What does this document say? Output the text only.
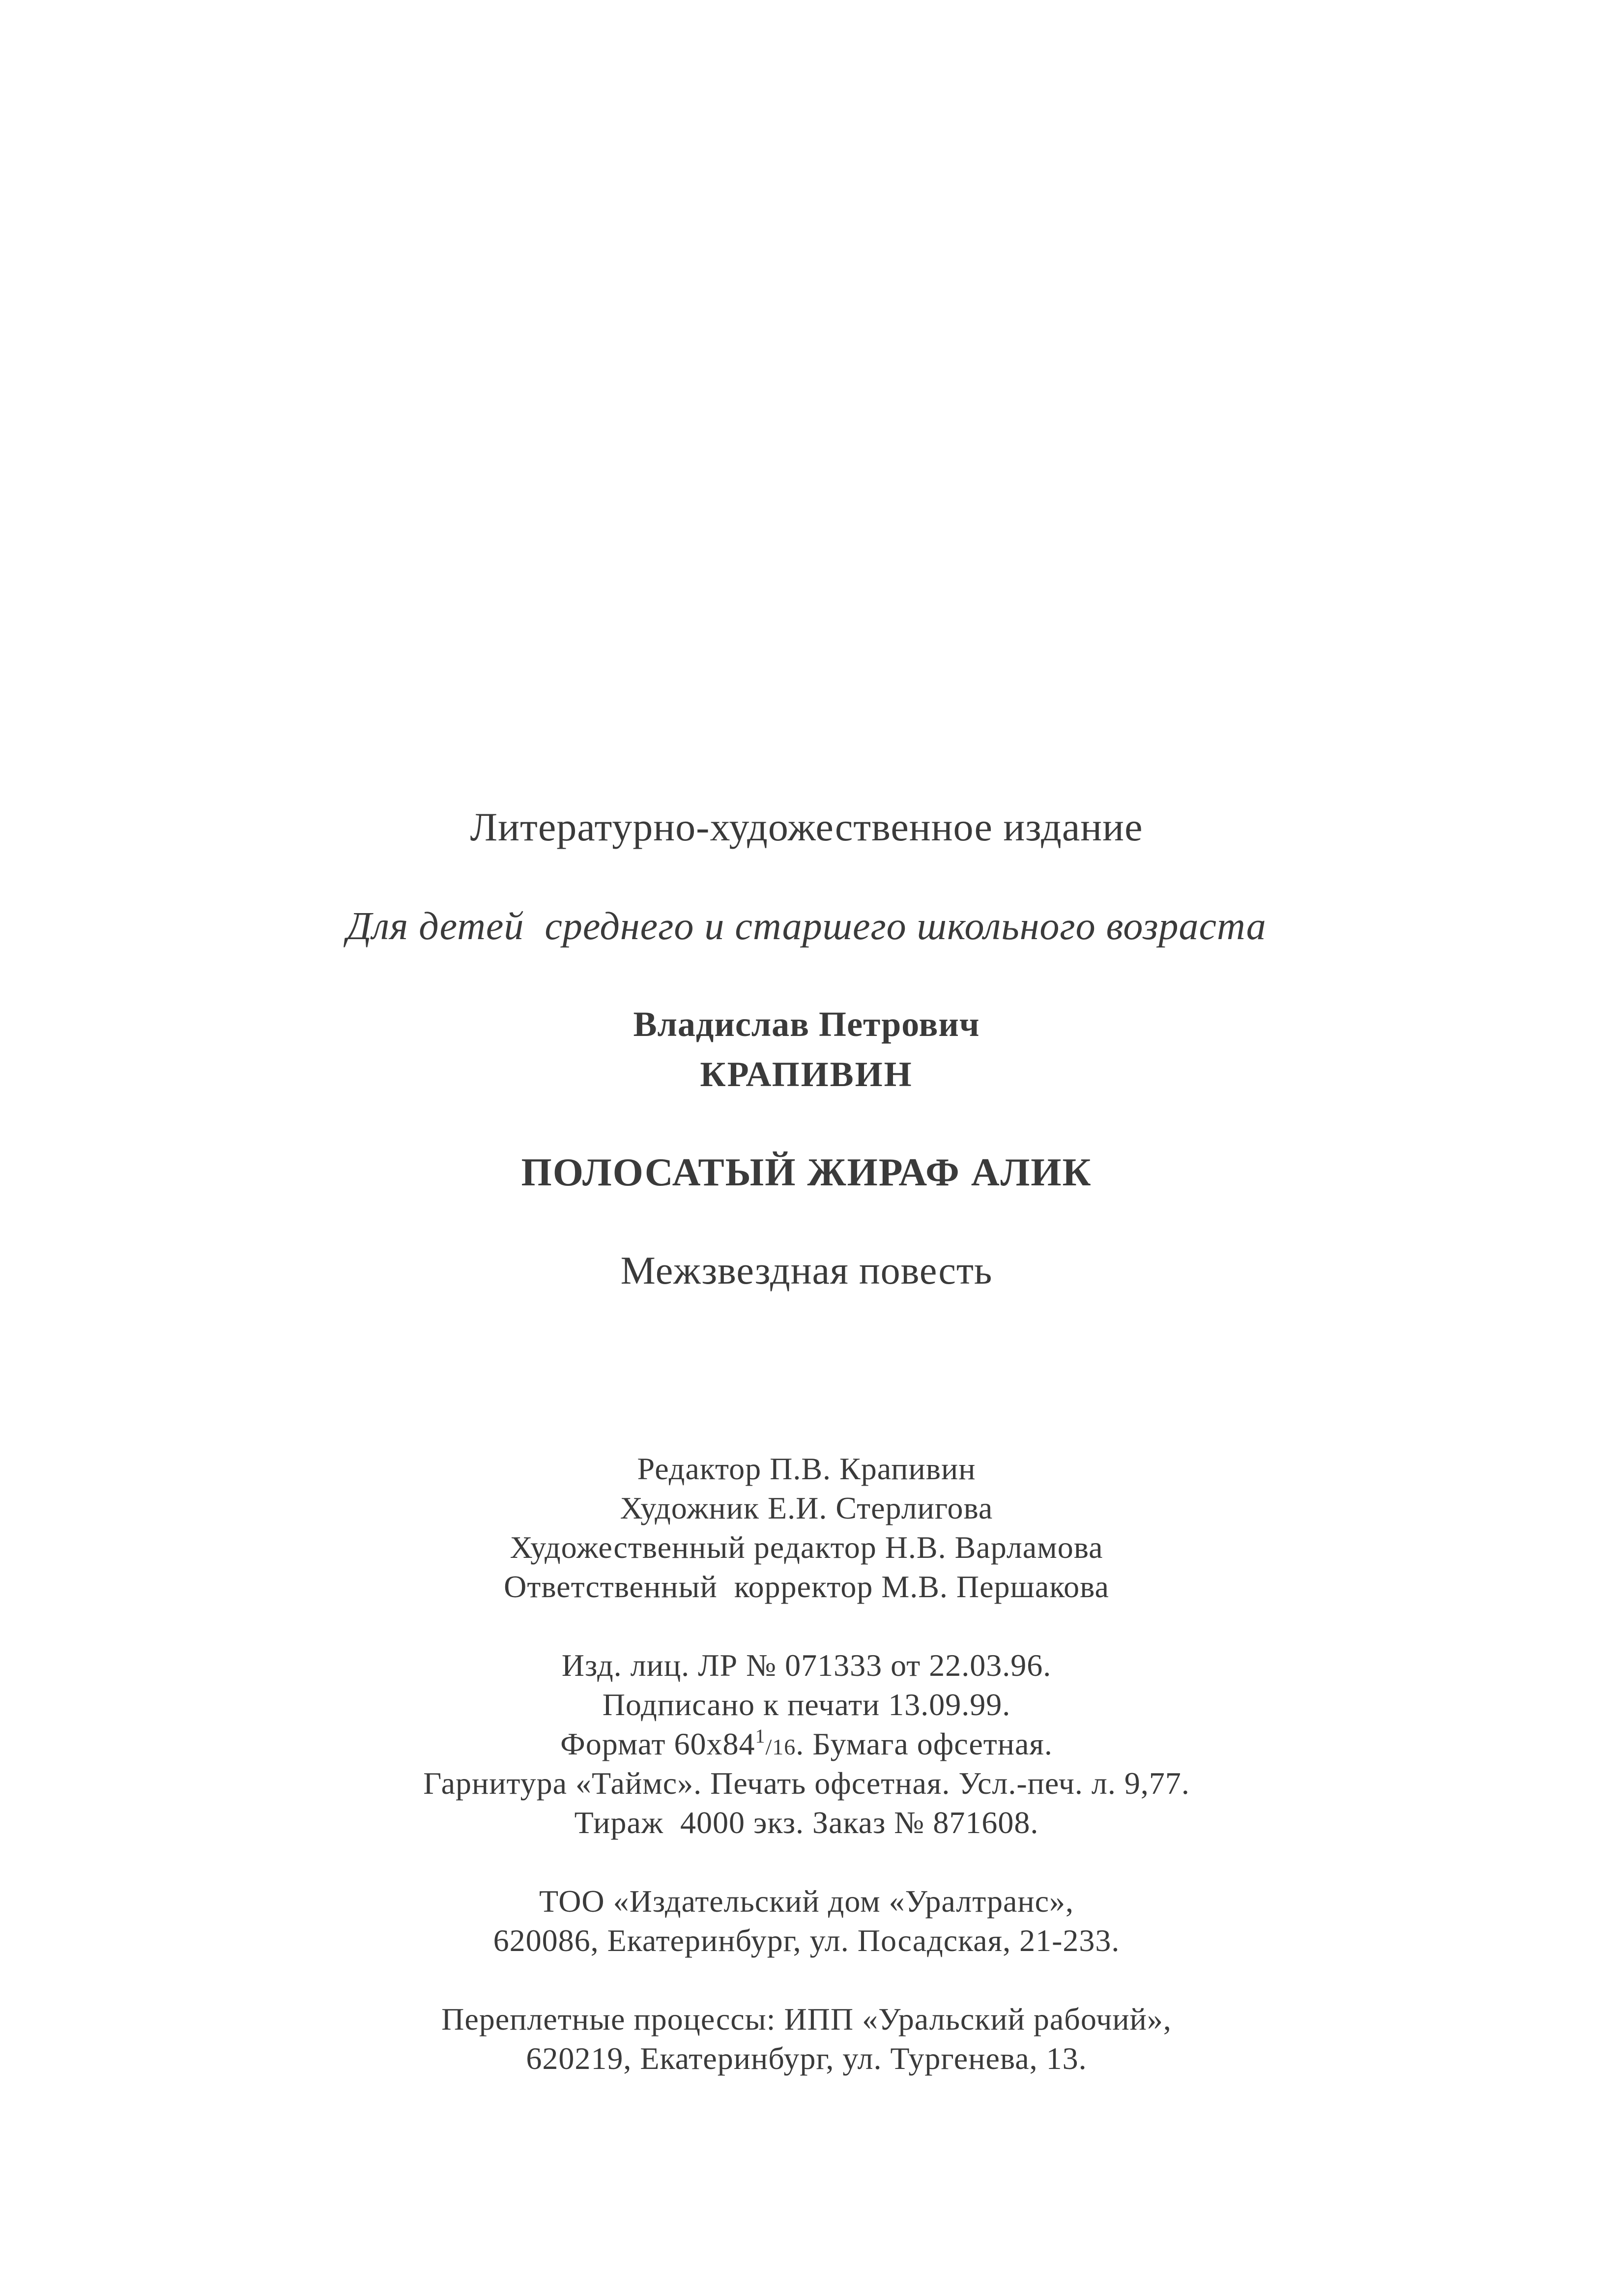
Литературно-художественное издание
Для детей  среднего и старшего школьного возраста
Владислав Петрович
КРАПИВИН
ПОЛОСАТЫЙ ЖИРАФ АЛИК
Межзвездная повесть
Редактор П.В. Крапивин
Художник Е.И. Стерлигова
Художественный редактор Н.В. Варламова
Ответственный  корректор М.В. Першакова
Изд. лиц. ЛР № 071333 от 22.03.96.
Подписано к печати 13.09.99.
Формат $60х84^1/16$. Бумага офсетная.
Гарнитура «Таймс». Печать офсетная. Усл.-печ. л. 9,77.
Тираж  4000 экз. Заказ № 871608.
ТОО «Издательский дом «Уралтранс»,
620086, Екатеринбург, ул. Посадская, 21-233.
Переплетные процессы: ИПП «Уральский рабочий»,
620219, Екатеринбург, ул. Тургенева, 13.
